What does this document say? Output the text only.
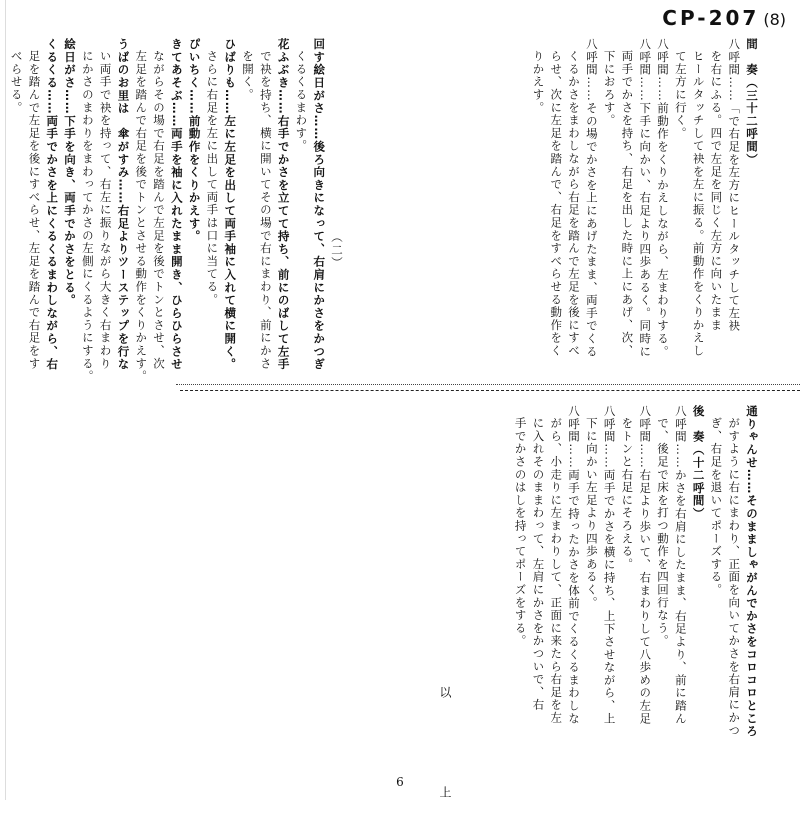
CP-207 (8)

間　奏（三十二呼間）

八呼間……「で右足を左方にヒールタッチして左袂

を右にふる。四で左足を同じく左方に向いたまま

ヒールタッチして袂を左に振る。前動作をくりかえし

て左方に行く。

八呼間……前動作をくりかえしながら、左まわりする。

八呼間……下手に向かい、右足より四歩あるく。同時に

両手でかさを持ち、右足を出した時に上にあげ、次、

下におろす。

八呼間……その場でかさを上にあげたまま、両手でくる

くるかさをまわしながら右足を踏んで左足を後にすべ

らせ、次に左足を踏んで、右足をすべらせる動作をく

りかえす。

（二）

回す絵日がさ……後ろ向きになって、右肩にかさをかつぎ

くるくるまわす。

花ふぶき……右手でかさを立てて持ち、前にのばして左手

で袂を持ち、横に開いてその場で右にまわり、前にかさ

を開く。

ひばりも……左に左足を出して両手袖に入れて横に開く。

さらに右足を左に出して両手は口に当てる。

ぴいちく……前動作をくりかえす。

きてあそぶ……両手を袖に入れたまま開き、ひらひらさせ

ながらその場で右足を踏んで左足を後でトンとさせ、次

左足を踏んで右足を後でトンとさせる動作をくりかえす。

うばのお里は　傘がすみ……右足よりツーステップを行な

い両手で袂を持って、右左に振りながら大きく右まわり

にかさのまわりをまわってかさの左側にくるようにする。

絵日がさ……下手を向き、両手でかさをとる。

くるくる……両手でかさを上にくるくるまわしながら、右

足を踏んで左足を後にすべらせ、左足を踏んで右足をす

べらせる。

通りゃんせ……そのまましゃがんでかさをコロコロところ

がすように右にまわり、正面を向いてかさを右肩にかつ

ぎ、右足を退いてポーズする。

後　奏（十二呼間）

八呼間……かさを右肩にしたまま、右足より、前に踏ん

で、後足で床を打つ動作を四回行なう。

八呼間……右足より歩いて、右まわりして八歩めの左足

をトンと右足にそろえる。

八呼間……両手でかさを横に持ち、上下させながら、上

下に向かい左足より四歩あるく。

八呼間……両手で持ったかさを体前でくるくるまわしな

がら、小走りに左まわりして、正面に来たら右足を左

に入れそのままわって、左肩にかさをかついで、右

手でかさのはしを持ってポーズをする。

以　上
6
